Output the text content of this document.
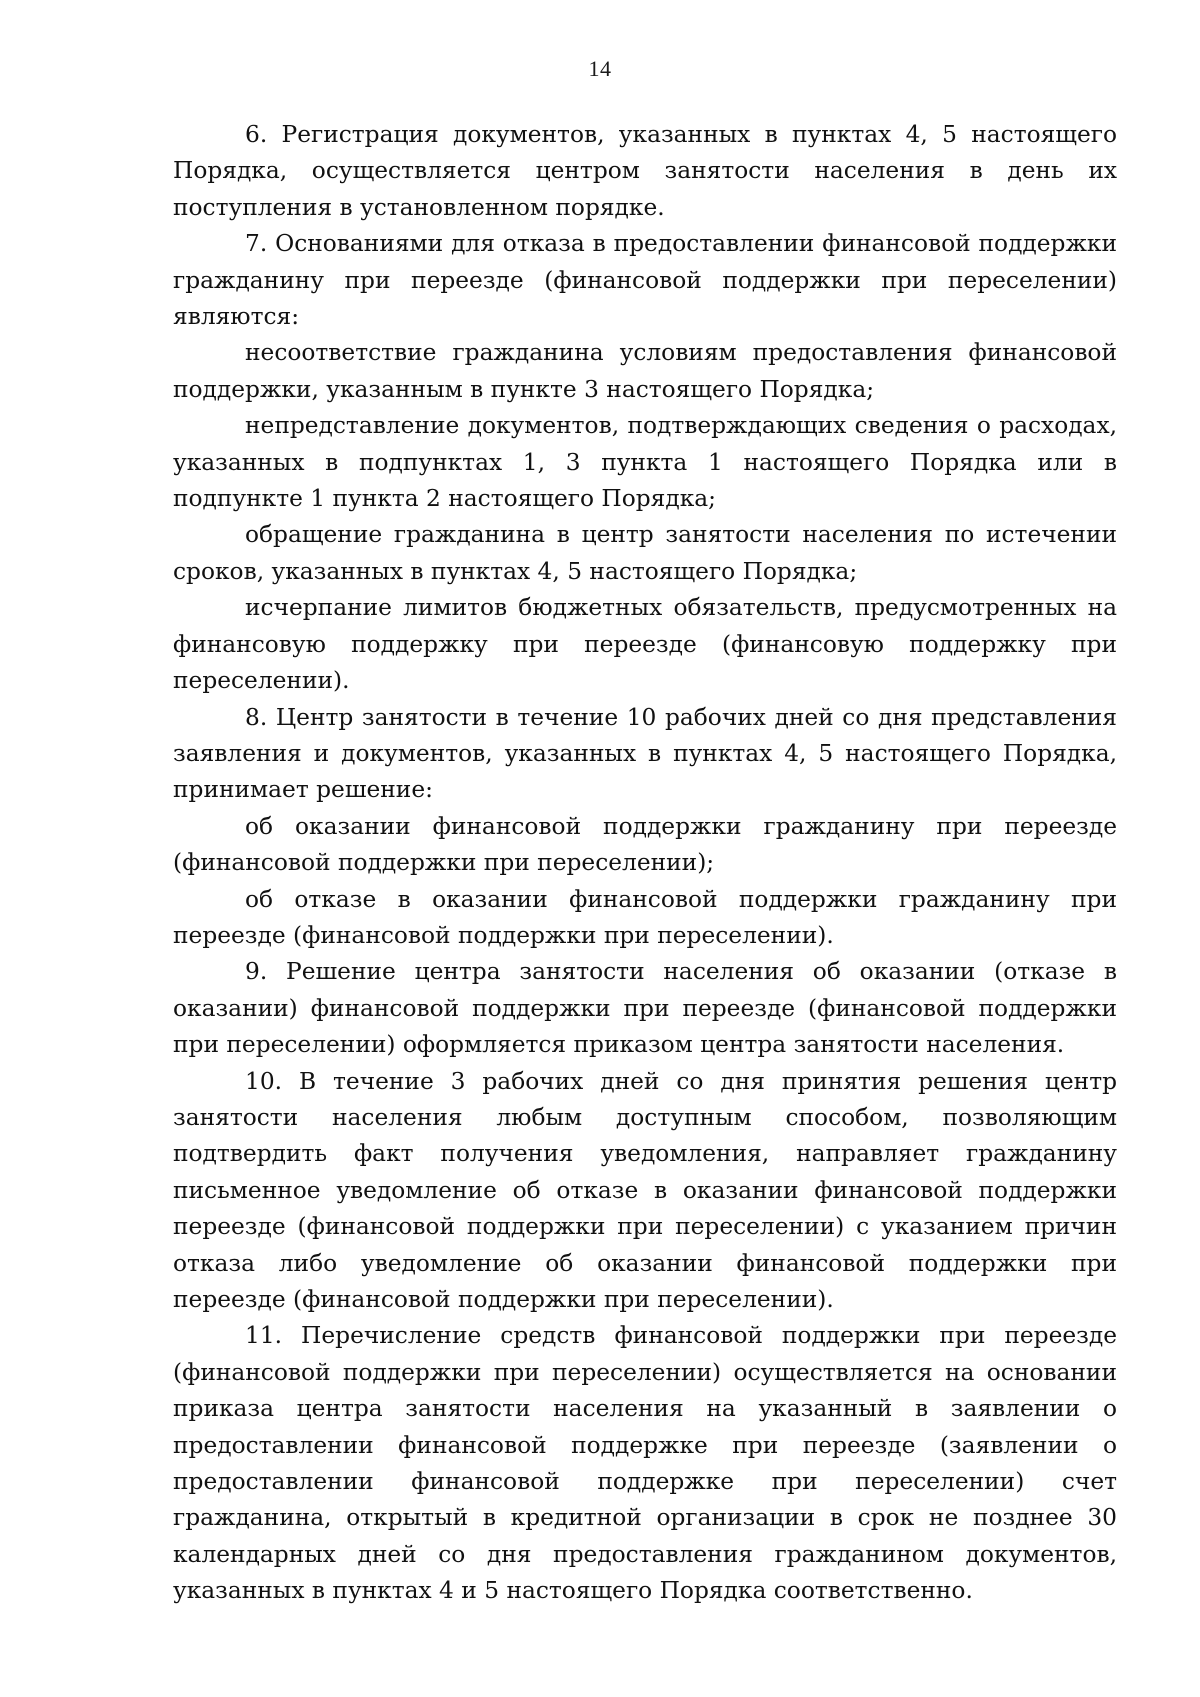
14

6. Регистрация документов, указанных в пунктах 4, 5 настоящего Порядка, осуществляется центром занятости населения в день их поступления в установленном порядке.

7. Основаниями для отказа в предоставлении финансовой поддержки гражданину при переезде (финансовой поддержки при переселении) являются:

несоответствие гражданина условиям предоставления финансовой поддержки, указанным в пункте 3 настоящего Порядка;

непредставление документов, подтверждающих сведения о расходах, указанных в подпунктах 1, 3 пункта 1 настоящего Порядка или в подпункте 1 пункта 2 настоящего Порядка;

обращение гражданина в центр занятости населения по истечении сроков, указанных в пунктах 4, 5 настоящего Порядка;

исчерпание лимитов бюджетных обязательств, предусмотренных на финансовую поддержку при переезде (финансовую поддержку при переселении).

8. Центр занятости в течение 10 рабочих дней со дня представления заявления и документов, указанных в пунктах 4, 5 настоящего Порядка, принимает решение:

об оказании финансовой поддержки гражданину при переезде (финансовой поддержки при переселении);

об отказе в оказании финансовой поддержки гражданину при переезде (финансовой поддержки при переселении).

9. Решение центра занятости населения об оказании (отказе в оказании) финансовой поддержки при переезде (финансовой поддержки при переселении) оформляется приказом центра занятости населения.

10. В течение 3 рабочих дней со дня принятия решения центр занятости населения любым доступным способом, позволяющим подтвердить факт получения уведомления, направляет гражданину письменное уведомление об отказе в оказании финансовой поддержки переезде (финансовой поддержки при переселении) с указанием причин отказа либо уведомление об оказании финансовой поддержки при переезде (финансовой поддержки при переселении).

11. Перечисление средств финансовой поддержки при переезде (финансовой поддержки при переселении) осуществляется на основании приказа центра занятости населения на указанный в заявлении о предоставлении финансовой поддержке при переезде (заявлении о предоставлении финансовой поддержке при переселении) счет гражданина, открытый в кредитной организации в срок не позднее 30 календарных дней со дня предоставления гражданином документов, указанных в пунктах 4 и 5 настоящего Порядка соответственно.
